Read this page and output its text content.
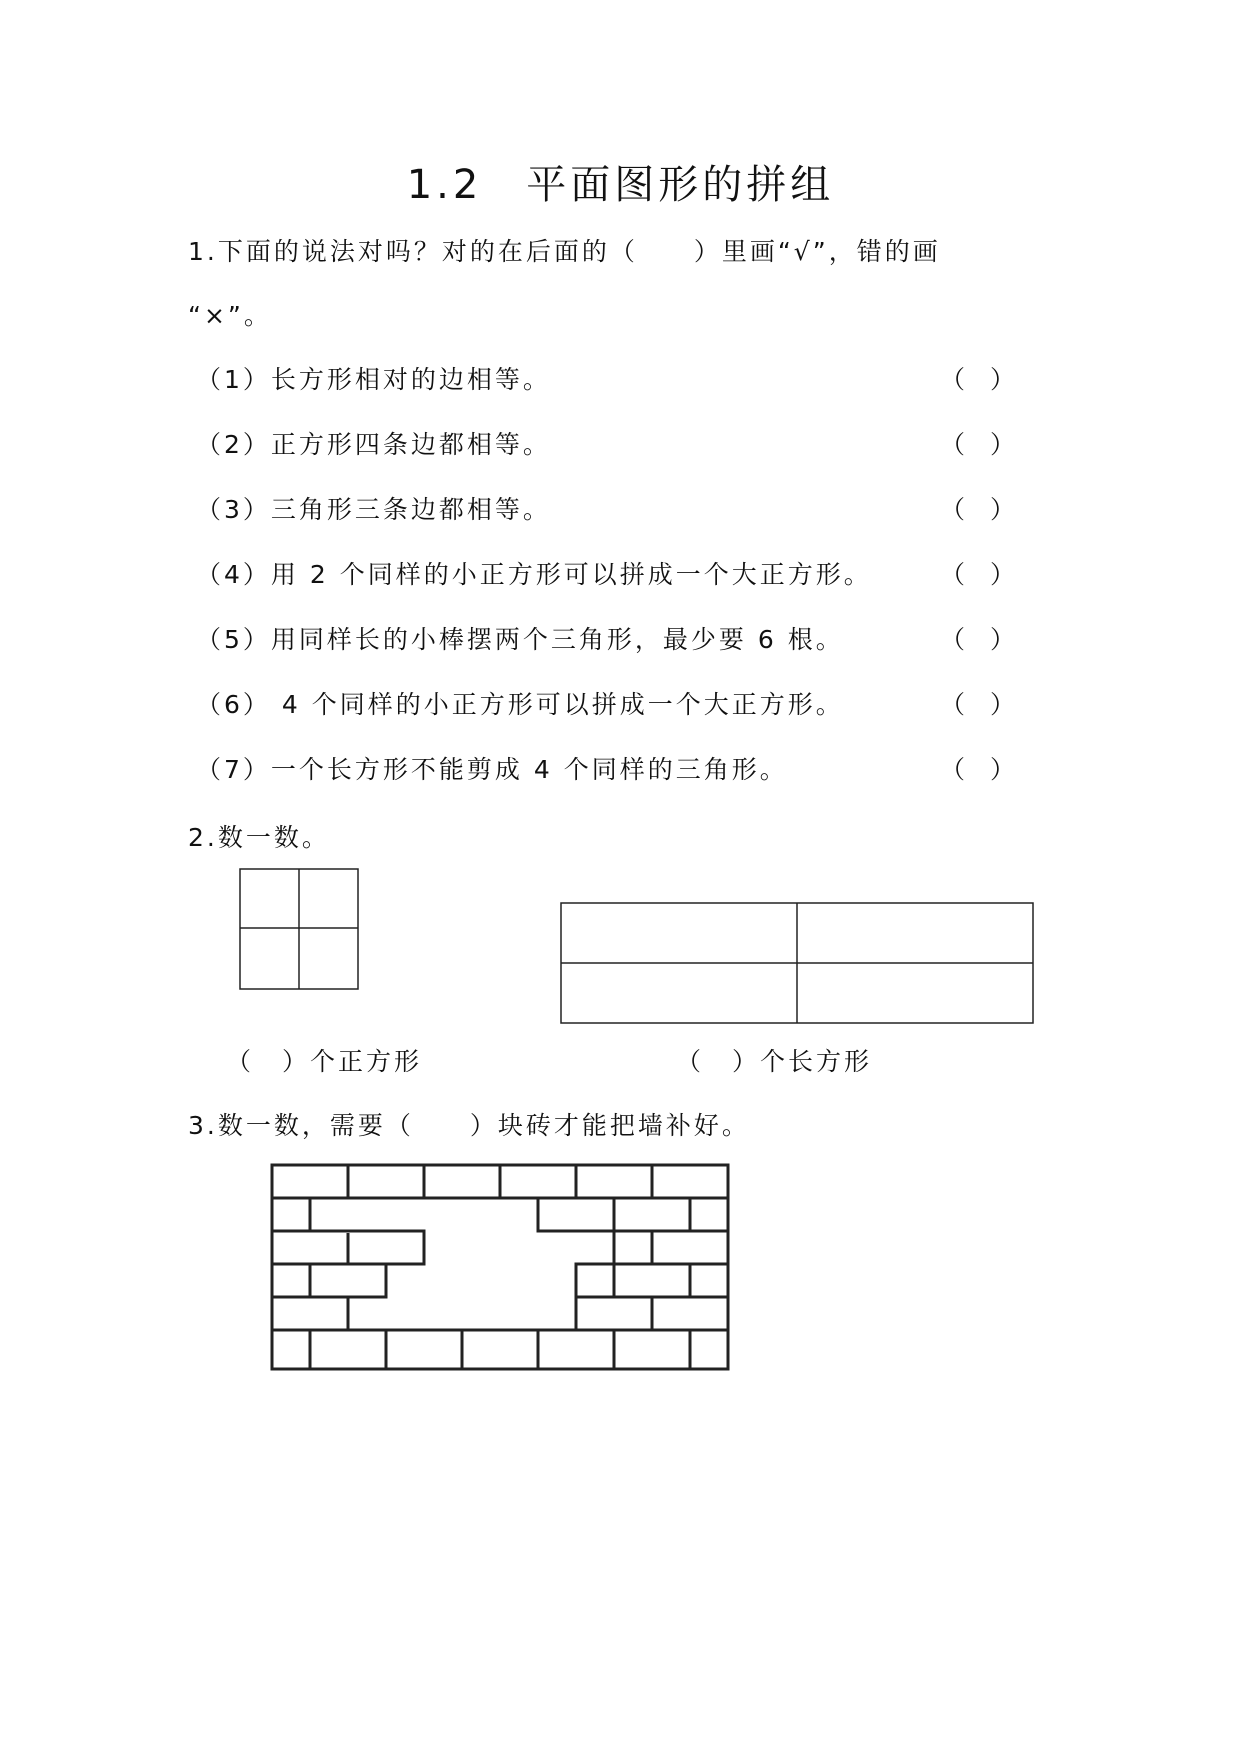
1.2　平面图形的拼组
1.下面的说法对吗？对的在后面的（　　）里画“√”，错的画
“×”。
（1）长方形相对的边相等。	（　）
（2）正方形四条边都相等。	（　）
（3）三角形三条边都相等。	（　）
（4）用 2 个同样的小正方形可以拼成一个大正方形。	（　）
（5）用同样长的小棒摆两个三角形，最少要 6 根。	（　）
（6） 4 个同样的小正方形可以拼成一个大正方形。	（　）
（7）一个长方形不能剪成 4 个同样的三角形。	（　）
2.数一数。
（　）个正方形	（　）个长方形
3.数一数，需要（　　）块砖才能把墙补好。
